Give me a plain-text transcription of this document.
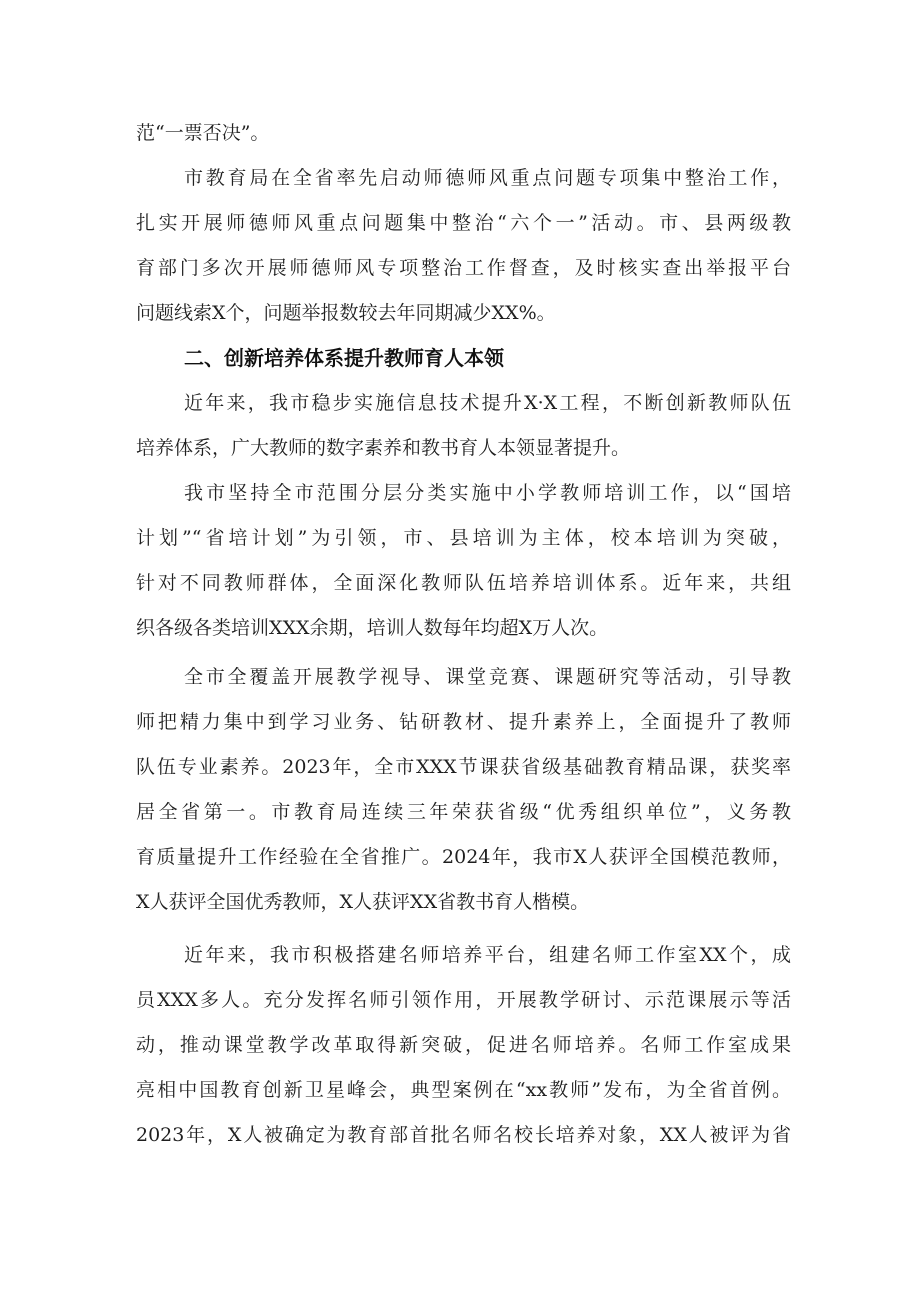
范“一票否决”。
市教育局在全省率先启动师德师风重点问题专项集中整治工作，
扎实开展师德师风重点问题集中整治“六个一”活动。市、县两级教
育部门多次开展师德师风专项整治工作督查，及时核实查出举报平台
问题线索X个，问题举报数较去年同期减少XX%。
二、创新培养体系提升教师育人本领
近年来，我市稳步实施信息技术提升X·X工程，不断创新教师队伍
培养体系，广大教师的数字素养和教书育人本领显著提升。
我市坚持全市范围分层分类实施中小学教师培训工作，以“国培
计划”“省培计划”为引领，市、县培训为主体，校本培训为突破，
针对不同教师群体，全面深化教师队伍培养培训体系。近年来，共组
织各级各类培训XXX余期，培训人数每年均超X万人次。
全市全覆盖开展教学视导、课堂竞赛、课题研究等活动，引导教
师把精力集中到学习业务、钻研教材、提升素养上，全面提升了教师
队伍专业素养。2023年，全市XXX节课获省级基础教育精品课，获奖率
居全省第一。市教育局连续三年荣获省级“优秀组织单位”，义务教
育质量提升工作经验在全省推广。2024年，我市X人获评全国模范教师，
X人获评全国优秀教师，X人获评XX省教书育人楷模。
近年来，我市积极搭建名师培养平台，组建名师工作室XX个，成
员XXX多人。充分发挥名师引领作用，开展教学研讨、示范课展示等活
动，推动课堂教学改革取得新突破，促进名师培养。名师工作室成果
亮相中国教育创新卫星峰会，典型案例在“xx教师”发布，为全省首例。
2023年，X人被确定为教育部首批名师名校长培养对象，XX人被评为省
